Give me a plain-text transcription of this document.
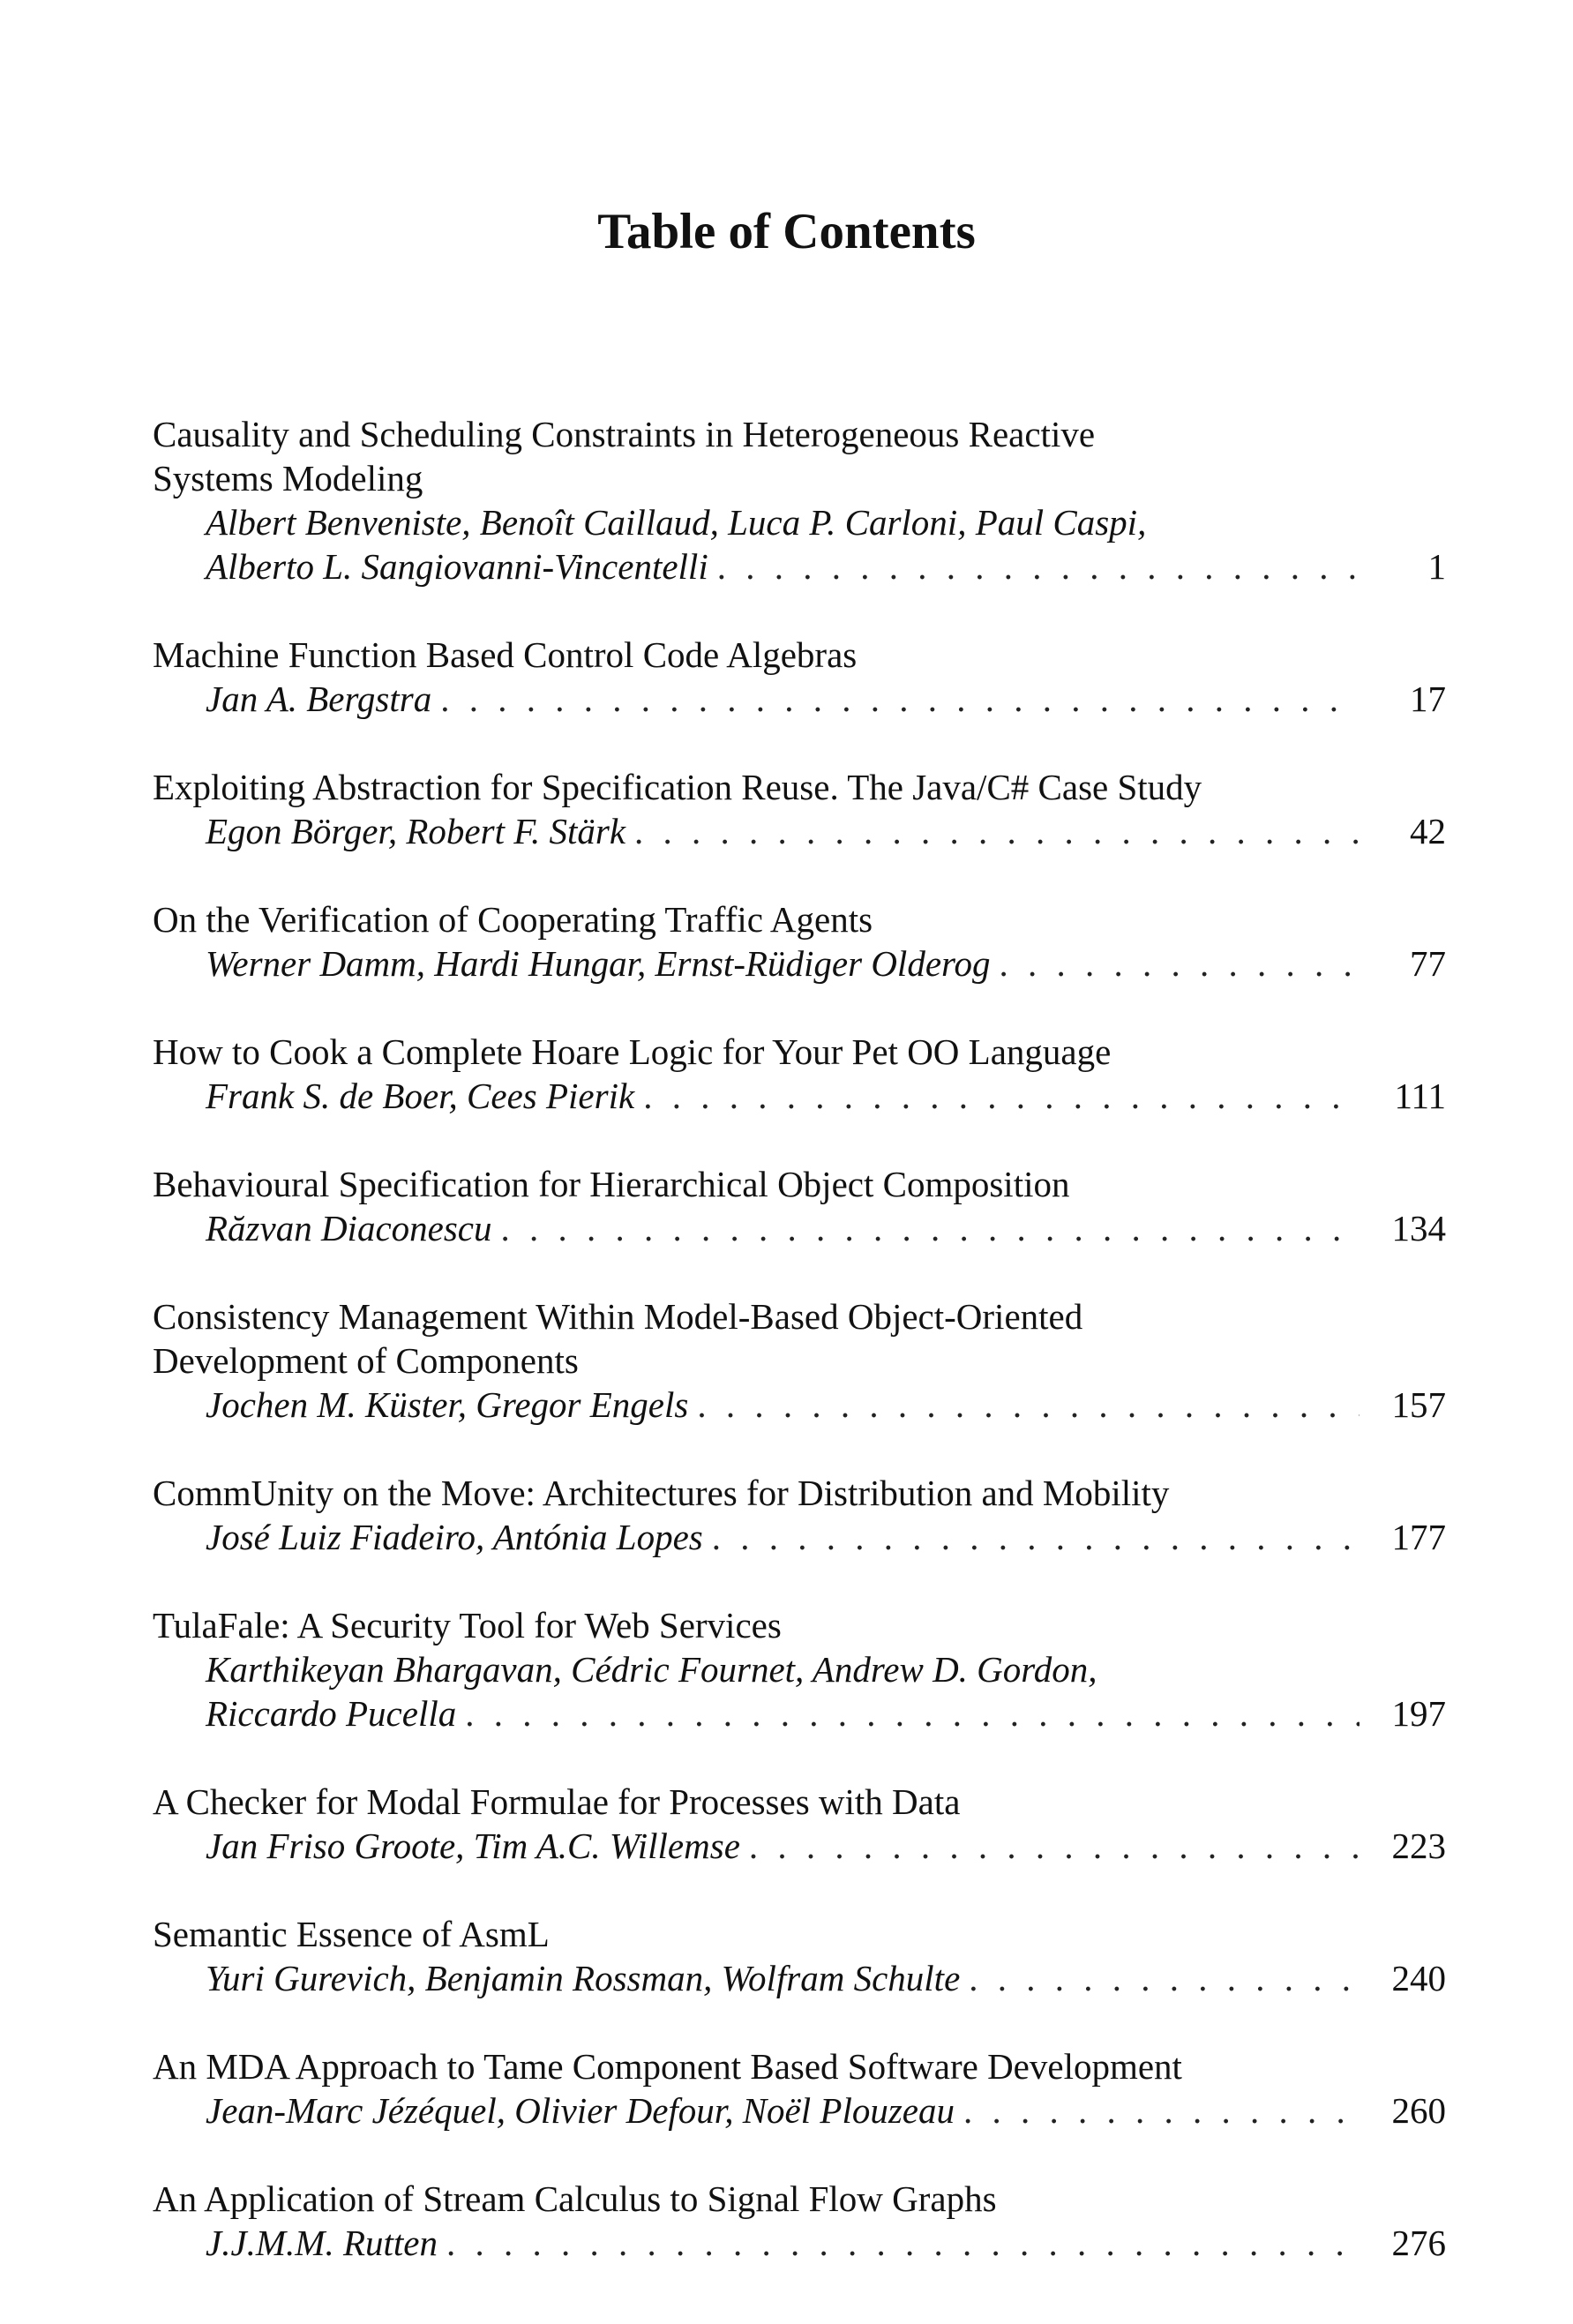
Table of Contents
Causality and Scheduling Constraints in Heterogeneous Reactive
Systems Modeling
Albert Benveniste, Benoît Caillaud, Luca P. Carloni, Paul Caspi,
Alberto L. Sangiovanni-Vincentelli . . .	1
Machine Function Based Control Code Algebras
Jan A. Bergstra . . .	17
Exploiting Abstraction for Specification Reuse. The Java/C# Case Study
Egon Börger, Robert F. Stärk . . .	42
On the Verification of Cooperating Traffic Agents
Werner Damm, Hardi Hungar, Ernst-Rüdiger Olderog . . .	77
How to Cook a Complete Hoare Logic for Your Pet OO Language
Frank S. de Boer, Cees Pierik . . .	111
Behavioural Specification for Hierarchical Object Composition
Răzvan Diaconescu . . .	134
Consistency Management Within Model-Based Object-Oriented
Development of Components
Jochen M. Küster, Gregor Engels . . .	157
CommUnity on the Move: Architectures for Distribution and Mobility
José Luiz Fiadeiro, Antónia Lopes . . .	177
TulaFale: A Security Tool for Web Services
Karthikeyan Bhargavan, Cédric Fournet, Andrew D. Gordon,
Riccardo Pucella . . .	197
A Checker for Modal Formulae for Processes with Data
Jan Friso Groote, Tim A.C. Willemse . . .	223
Semantic Essence of AsmL
Yuri Gurevich, Benjamin Rossman, Wolfram Schulte . . .	240
An MDA Approach to Tame Component Based Software Development
Jean-Marc Jézéquel, Olivier Defour, Noël Plouzeau . . .	260
An Application of Stream Calculus to Signal Flow Graphs
J.J.M.M. Rutten . . .	276
